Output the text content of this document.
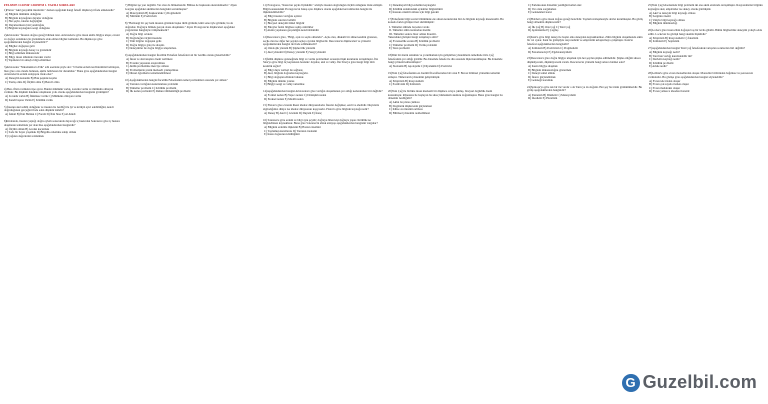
FELSEFE 11.SINIF 1.DÖNEM 1. YAZILI SORULARI

1)Platon "Akıl gerçeklik idealardır." derken aşağıdaki hangi felsefi düşünceyi ifade etmektedir?

A) Bilginin mümkün olduğunu

B) Bilginin kaynağının duyular olduğunu

C) Her şeyin, idealar değiştiğini

D) Duyularımızın bizi yanılttığını

E) Bilginin kaynağının sezgi olduğunu

2)Aristoteles "İnsanın doğası gereği bilmek ister. Aristoteles'e göre insan akılla bilgiye ulaşır, evreni ve doğayı anlamak için gözlemlerle elde edilen bilgiler kullanılır. Bu düşünceye göre aşağıdakilerden hangisi söylenebilir?"

A) Bilgiler doğuştan gelir

B) Bilginin kaynağı deney ve gözlemdir

C) Bilgi edinmek imkansızdır

D) Bilgi, insan zihninde önceden vardır

E) Yaptıkları bir amaçla bilgi edinilmez

3)Aristoteles "Nikomakhos'a Etik" adlı eserinde şöyle der: "O halde erdem tercihlerimizi belirleyen, bize göre orta olanda bulunan, akılla belirlenen bir durumdur." Buna göre aşağıdakilerden hangisi Aristoteles'in erdem anlayışını ifade eder?

A) Deneyim kazanmı B) Hak peşinde koşma

C) Yanlış olma D) Ölçülü olma E) Bencil olma

4) Ben-i İlsin varlıkları tipe ayırır. Bunlar mümkün varlık, zorunlu varlık ve mümkün olmayan varlıktır. Bu düşünür hakikate ulaşmanın yolu olarak aşağıdakilerden hangisini görmüştür?

A) Zorunlu varlık B) İmkânsız varlık C) Mümkün olmayan varlık

D) Kendi başına Varlık E) Kötülük varlık

5) İnsanın akıl sahibi olduğunu ve insanın bu özelliği ile iyi ve kötüyü ayırt edebildiğini, kendi doğruluğunun gerçeğini ifade eden düşünür kimdir?

A) İsmail B) İbni Haldun C) Farabi D) İbni Sina E) Al-Kindi

6)Kitabında, insanın yaptığı doğru eylem sonucunda duyacağı iç huzurdan Sokrates'e göre iç huzura ulaşmanın temelinde yer alan ilke aşağıdakilerden hangisidir?

A) Ölçülü olmak B) Acıdan kaçınmak

C) Sade bir hayat yaşamak D) Bilgelik erdemine sahip olmak

E) Çağının değerlerini reddetmek

7) Bilgiler işe yarı değildir. Var olan da bilinemezdir. Bilinse de başkasına aktarılamazdır." diyen Gorgias aşağıdaki akımlardan hangisini savunmuştur?

A) Materyalizm B) Kuşkuculuk C) Dogmatizm

D) Nihilizm E) Pozitivizm

8) "Herhangi bir şey hem insanın gözünde başka türlü görünür, kimi sana öyle görünür, bu da doğrudur. Doğruyu bilmek gerçek olana ulaşmaktır." diyen Protagoras'ın düşünceleri aşağıdaki yargılardan hangisiyle örtüşmektedir?

A) Doğru bilgi ortaktır.

B) Doğruluğun ölçütü insandır.

C) Tüm bilgiler doğuştan gelir.

D) Doğru bilgiye göre ile ulaşılır.

E) Deneyimler ile doğru bilgiye ulaşılamaz.

9) Aşağıdakilerden hangisi İncelilik Felsefesi felsefeleri ait bir özellik olarak gösterilebilir?

A) İnsan ve davranışları önem verilmesi

B) Evrenin yapısının araştırılması

C) Ahlâk problemine merciye olması

D) Problemlerin pratik merkezli yaklaşılması

E) Dinsel öğretilerin temellendirilmesi

10) Aşağıdakilerden hangisi İncelilik Felsefesinin temel problemleri arasında yer almaz?

A) Tanrının varlığının kanıtlanması problemi

B) Tümeller problemi C) Kötülük problemi

D) İlk neden problemi E) Ruhun ölümsüzlüğü problemi

11) Protagoras, "İnsan her şeyin ölçüsüdür." sözüyle insanın doğruluğun ölçütü olduğunu ifade etmiştir. Bilgi konusundaki Protagoras'ın bakış açısı düşünce olarak aşağıdaki kavramlardan hangisi ile ilişkilendirilebilir?

A) Bilgi insanın varlığını açıklar

B) Bilginin sınırları bellidir

C) Bireysel deneyim tümel bilgidir

D) Bireyler farklı bilgilere sahip olabilirler

E) Akılın yapılanan gerçekliğin kendi ürünüdür

12)Descartes'a göre, "Bilgi, açık ve seçik olmalıdır". Açık olan, dikkatli bir zihne kendini gösteren, seçik olan ise diğer her şeyden açıkça ayrılan bilgilerdir. Descartes'ın düşünceleri ve yöntemi aşağıdakilerden hangisi ile ifade edilmektedir?

A) Ontolojik yöntem B) Şüphecilik yöntemi

C) Akıl yöntemi D) Deney yöntemi E) Sezgi yöntemi

13)İslâm düşünce geleneğinde bilgi ve varlık problemleri arasında ilişki kurulurak tartışılmıştır. İbn Sina'ya göre bilgi üç kaynaktan beslenir: duyular, akıl ve vahiy. İbn Sina'ya göre hangi bilgi türü kesinlik sağlar?

A) Bilgi duyu verileri ile sağlanır.

B) Akıl, bilginin doğrudan kaynağıdır.

C) Bilgi doğuştan zihinde bulunur.

D) Bilginin imkânı yoktur.

E) Bilgiyi sezgi ve vahiy tamamlar.

14)Aşağıdakilerden hangisi Aristoteles'e göre varlığın oluşumunun yer aldığı nedenlerden biri değildir?

A) Formel neden B) Yapıcı neden C) Dönüşüm neden

D) Ereksel neden E) Maddi neden

15) Platon'a göre evrenin ilkesi idealar dünyasındadır. İdealar değişmez, ezeli ve ebedidir. Duyularla algıladığımız dünya ise idealar dünyasının kopyasıdır. Platon'a göre bilginin kaynağı nedir?

A) Deney B) Akıl C) Gözlem D) Duyum E) İnanç

16) Sokrates'e göre erdem ve bilgi aynı şeydir; doğruyu bilen kişi doğruyu yapar. Kötülük ise bilgisizlikten kaynaklanır. Buna göre Sokrates'in ahlak anlayışı aşağıdakilerden hangisini vurgular?

A) Bilginin erdemle ilişkisini B) Hazzın önemini

C) Toplumun kurallarını D) Tanrının iradesini

E) İnsan doğasının kötülüğünü

C) Denemeyeli bilgi erdemin kaynağıdır

D) Kötülük anlamındaki eylemler bilgisizliktir

E) İnsanın erdemli olması için bilgi gerekir

17)Felsefenin bilgi teorisi bölümünde ele alınan konulardan biri de bilginin kaynağı meselesidir. Bu konuda farklı görüşler ileri sürülmüştür:

I. Tümeller zihinde önceden vardır.

II. Tümeller zihin tarafından üretilir.

III. Tümeller sadece birer addan ibarettir.

Yukarıdaki görüşler hangi tartışmaya aittir?

A) Evrensellik sorunu B) Kötülük problemi

C) Tümeller problemi D) Varlık problemi

E) Tanrı problemi

18)Dini bir metni anlamak ve yorumlamak için geliştirilen yöntemlerin temelinde Orta Çağ felsefesinin yer aldığı görülür. Bu dönemde felsefe ile din arasında ilişki kurulmuştur. Bu dönemde hangi yöntem kullanılmıştır?

A) Skolastik B) Apolojetik C) Diyalektik D) Pozitivist

19)Yeni Çağ felsefesinin en önemli filozoflarından biri olan F. Bacon bilimsel yöntemin temelini atmıştır. Tümevarım yöntemini geliştirmiştir.

A) Empirizm B) Rasyonalizm

C) Pozitivizm D) Kritisizm

20)Yeni Çağ ile birlikte insan merkezli bir düşünce ortaya çıkmış, bireysel özgürlük önem kazanmıştır. Rönesans ile başlayan bu süreç hümanizm akımını doğurmuştur. Buna göre hangisi bu dönemin özelliğidir?

A) Aklın ön plana çıkması

B) Dogmatik düşüncenin güçlenmesi

C) Kilise otoritesinin artması

D) Bilimsel yöntemin reddedilmesi

C) Parkinsonun dönemin yeniliğini kabul eder

D) Var olanı sorgulamaz

E) Gelenekleri korur

21)Hobbes'a göre insan doğası gereği bencildir. Toplum sözleşmesiyle devlet kurulmuştur. Bu görüş hangi dönemin düşüncesidir?

A) İlk Çağ B) Orta Çağ C) Yeni Çağ

D) Aydınlanma E) Çağdaş

22)Kant'a göre bilgi deney ile başlar ama deneyden kaynaklanmaz. Zihin bilginin oluşumunda etkin bir rol oynar. Kant bu görüşüyle rasyonalizm ve empirizmi uzlaştırmaya çalışmıştır. Kant'ın felsefesi aşağıdakilerden hangisidir?

A) Kritisizm B) Pozitivizm C) Pragmatizm

D) Fenomenoloji E) Egzistansiyalizm

23)Descartes'a göre doğru bilgiye ulaşmak için her şeyden şüphe edilmelidir. Şüphe ettiğim sürece düşünüyorum, düşünüyorsam varım. Descartes'ın yöntemi hangi amaca hizmet eder?

A) Kesin bilgiye ulaşmak

B) Bilginin imkansızlığını göstermek

C) Deneyi temel almak

D) İnancı güçlendirmek

E) Geleneği korumak

24)Spinoza'ya göre tek bir töz vardır o da Tanrı ya da doğadır. Her şey bu tözün görünümleridir. Bu görüş aşağıdakilerden hangisidir?

A) Panteizm B) Düalizm C) Materyalizm

D) İdealizm E) Pluralizm

25)Yeni Çağ felsefesinde bilgi problemi iki ana akım etrafında tartışılmıştır. Rasyonalistler bilginin kaynağını akıl, empiristler ise deney olarak görmüştür.

A) Akıl ve deneyin bilgi kaynağı olması

B) Sezginin önemi

C) Vahyin bilgi kaynağı olması

D) Bilginin imkânsızlığı

26)Locke'a göre insan zihni doğuşta boş bir levha gibidir. Bütün bilgilerimiz deneyim yoluyla elde edilir. Locke'un bu görüşü hangi akımla ilişkilidir?

A) Empirizm B) Rasyonalizm C) İdealizm

D) Kritisizm E) Septisizm

27)Aşağıdakilerden hangisi Yeni Çağ felsefesinde tartışılan sorulardan biri değildir?

A) Bilginin kaynağı nedir?

B) Tanrı'nın varlığı kanıtlanabilir mi?

C) Devletin kaynağı nedir?

D) Kötülük problemi

E) Arkhe nedir?

28)Leibniz'e göre evren monadlardan oluşur. Monadlar birbirinden bağımsız ve penceresiz varlıklardır. Bu görüşe göre aşağıdakilerden hangisi söylenebilir?

A) Evren tek tözden oluşur

B) Evren çok sayıda tözden oluşur

C) Evren maddeden oluşur

D) Evren yalnızca ideadan ibarettir

G Guzelbil.com
